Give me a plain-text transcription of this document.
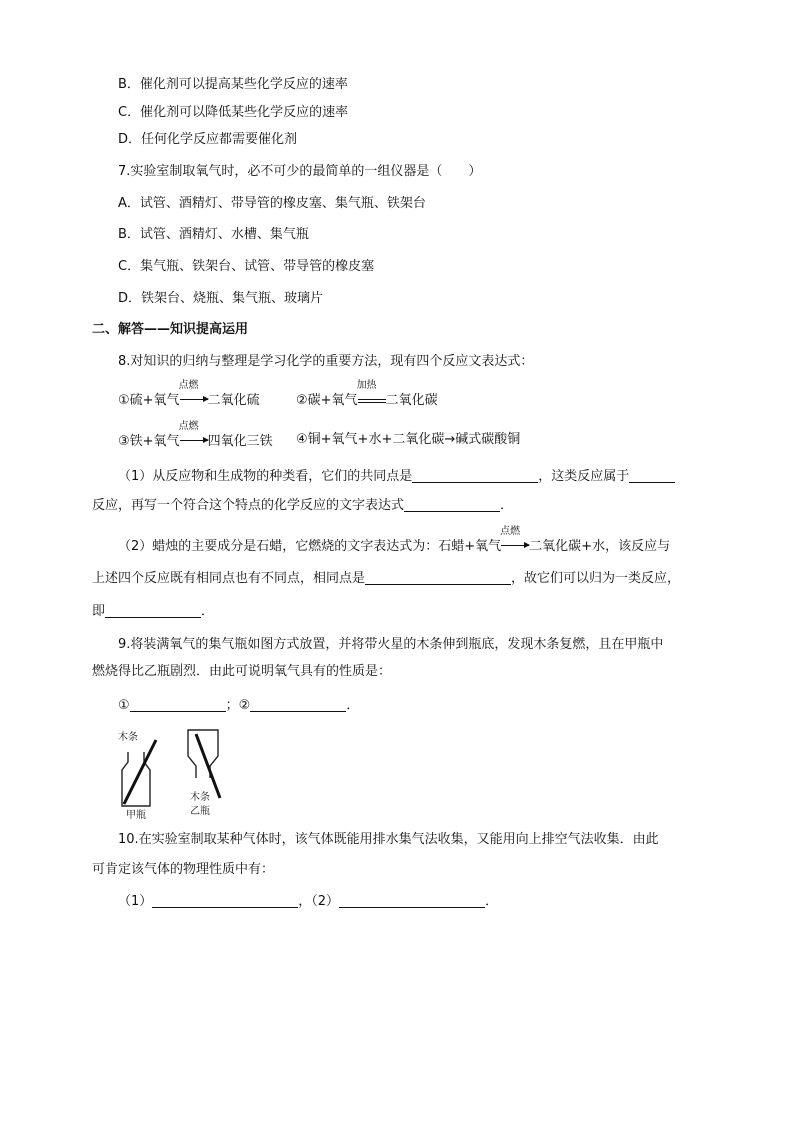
B．催化剂可以提高某些化学反应的速率
C．催化剂可以降低某些化学反应的速率
D．任何化学反应都需要催化剂
7.实验室制取氧气时，必不可少的最简单的一组仪器是（　　）
A．试管、酒精灯、带导管的橡皮塞、集气瓶、铁架台
B．试管、酒精灯、水槽、集气瓶
C．集气瓶、铁架台、试管、带导管的橡皮塞
D．铁架台、烧瓶、集气瓶、玻璃片
二、解答——知识提高运用
8.对知识的归纳与整理是学习化学的重要方法，现有四个反应文表达式：
①硫+氧气
点燃
二氧化硫	②碳+氧气
加热
二氧化碳
③铁+氧气
点燃
四氧化三铁 ④铜+氧气+水+二氧化碳→碱式碳酸铜
（1）从反应物和生成物的种类看，它们的共同点是	，这类反应属于
反应，再写一个符合这个特点的化学反应的文字表达式	．
（2）蜡烛的主要成分是石蜡，它燃烧的文字表达式为：石蜡+氧气
点燃
二氧化碳+水，该反应与
上述四个反应既有相同点也有不同点，相同点是	，故它们可以归为一类反应，
即	．
9.将装满氧气的集气瓶如图方式放置，并将带火星的木条伸到瓶底，发现木条复燃，且在甲瓶中
燃烧得比乙瓶剧烈．由此可说明氧气具有的性质是：
①	；②	．
木条
甲瓶
木条
乙瓶
10.在实验室制取某种气体时，该气体既能用排水集气法收集，又能用向上排空气法收集．由此
可肯定该气体的物理性质中有：
（1）	，（2）	．
